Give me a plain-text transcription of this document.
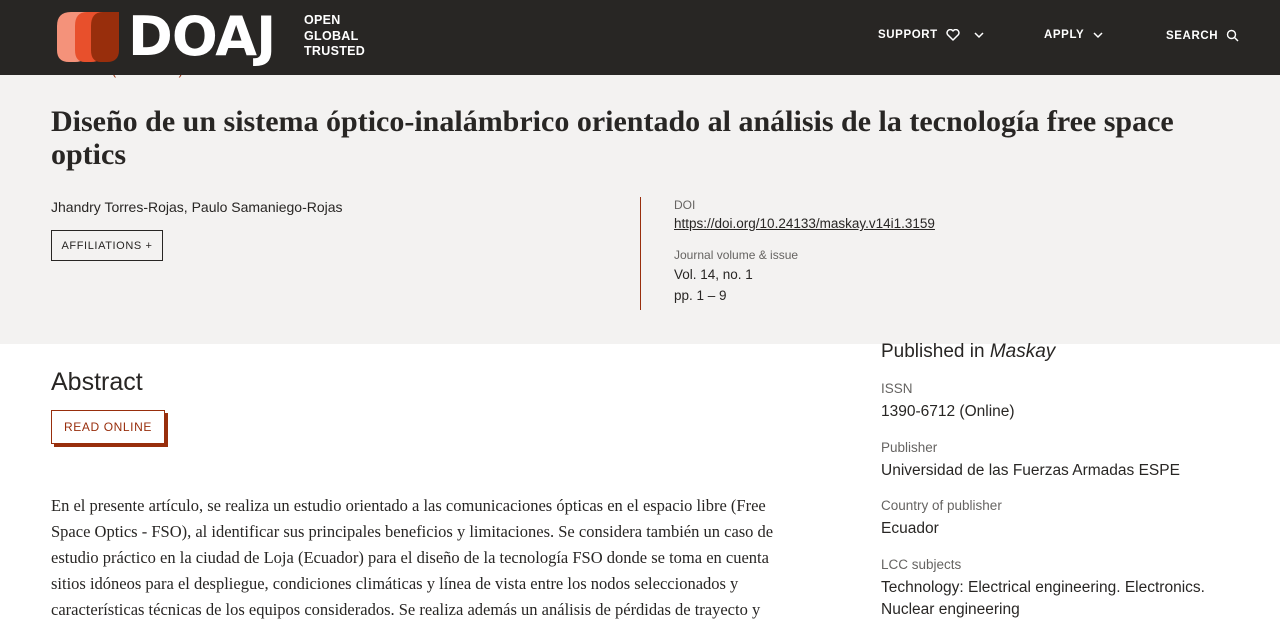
DOAJ OPEN
GLOBAL
TRUSTED
SUPPORT	APPLY	SEARCH
Diseño de un sistema óptico-inalámbrico orientado al análisis de la tecnología free space optics
Jhandry Torres-Rojas, Paulo Samaniego-Rojas
AFFILIATIONS +
DOI
https://doi.org/10.24133/maskay.v14i1.3159
Journal volume & issue
Vol. 14, no. 1
pp. 1 – 9
Abstract
READ ONLINE

En el presente artículo, se realiza un estudio orientado a las comunicaciones ópticas en el espacio libre (Free
Space Optics - FSO), al identificar sus principales beneficios y limitaciones. Se considera también un caso de
estudio práctico en la ciudad de Loja (Ecuador) para el diseño de la tecnología FSO donde se toma en cuenta
sitios idóneos para el despliegue, condiciones climáticas y línea de vista entre los nodos seleccionados y
características técnicas de los equipos considerados. Se realiza además un análisis de pérdidas de trayecto y

Published in Maskay
ISSN
1390-6712 (Online)
Publisher
Universidad de las Fuerzas Armadas ESPE
Country of publisher
Ecuador
LCC subjects
Technology: Electrical engineering. Electronics. Nuclear engineering
